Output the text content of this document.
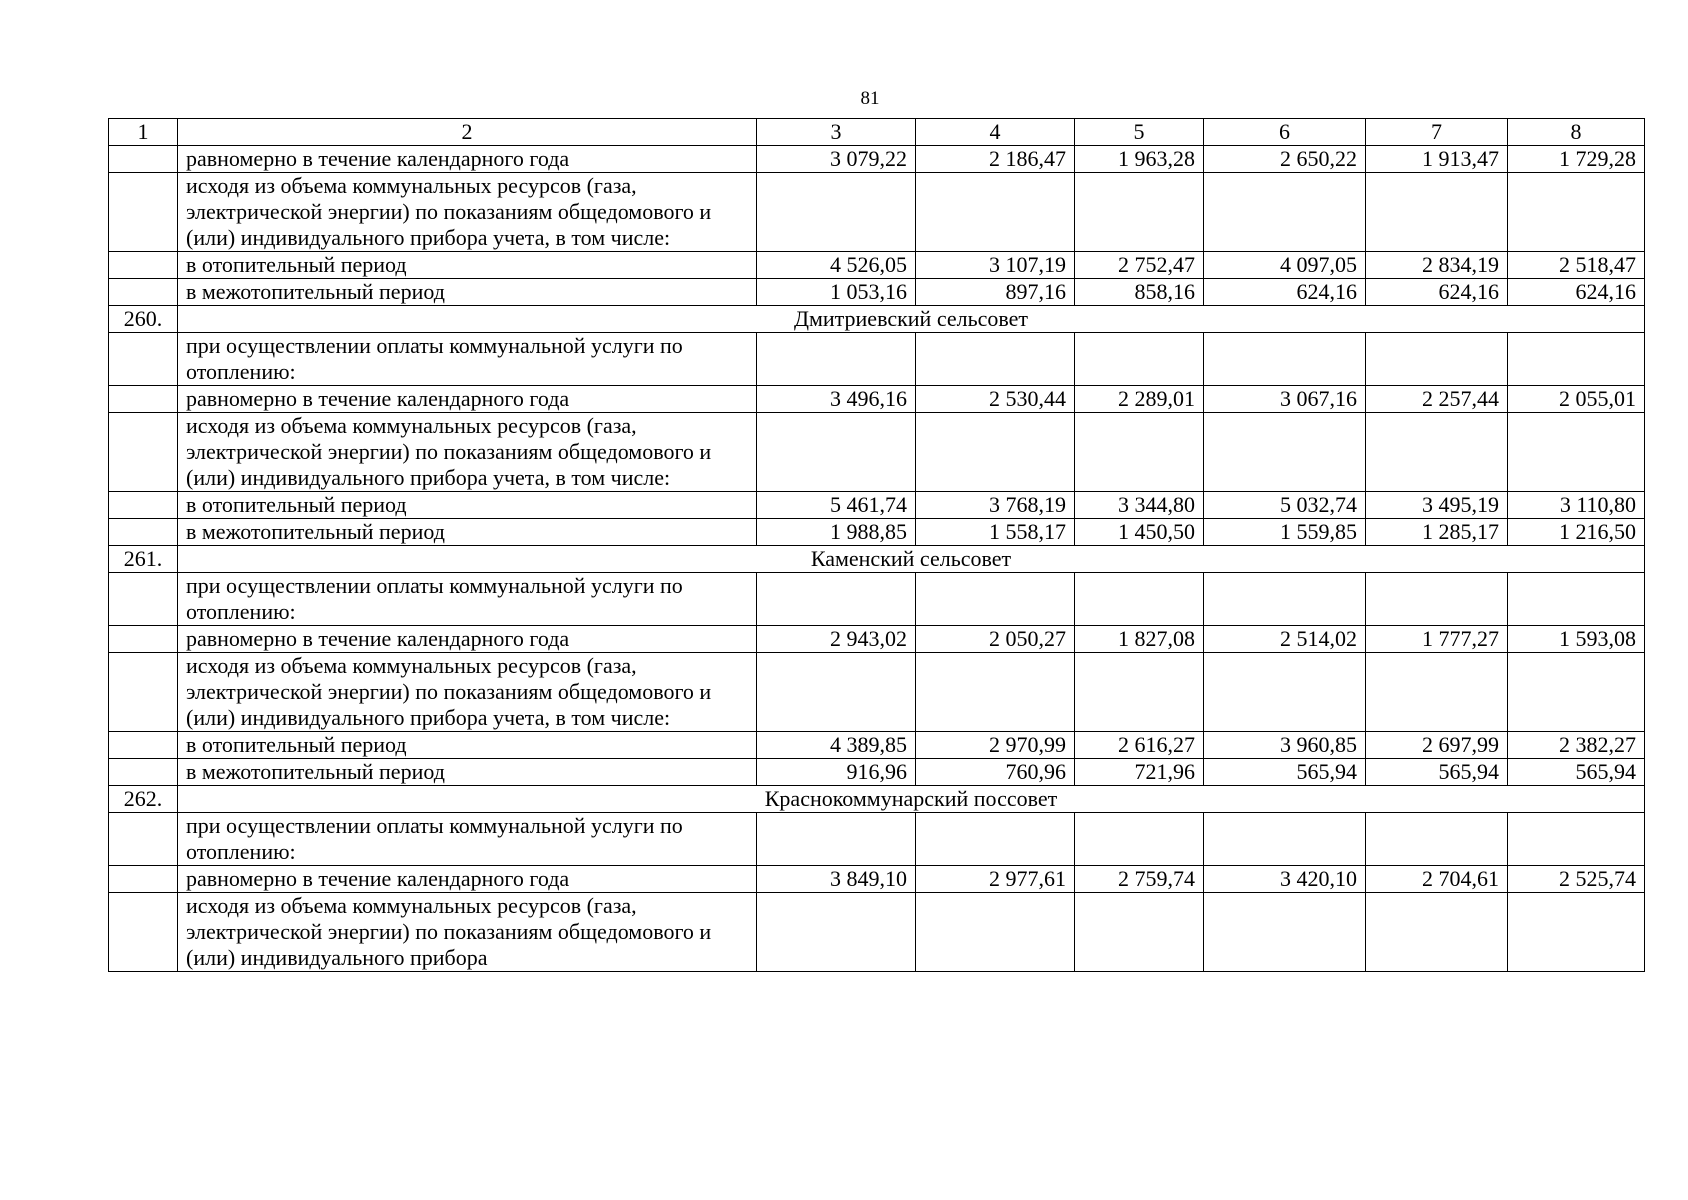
81
1	2	3	4	5	6	7	8
	равномерно в течение календарного года	3 079,22	2 186,47	1 963,28	2 650,22	1 913,47	1 729,28
	исходя из объема коммунальных ресурсов (газа, электрической энергии) по показаниям общедомового и (или) индивидуального прибора учета, в том числе:						
	в отопительный период	4 526,05	3 107,19	2 752,47	4 097,05	2 834,19	2 518,47
	в межотопительный период	1 053,16	897,16	858,16	624,16	624,16	624,16
260.	Дмитриевский сельсовет						
	при осуществлении оплаты коммунальной услуги по отоплению:						
	равномерно в течение календарного года	3 496,16	2 530,44	2 289,01	3 067,16	2 257,44	2 055,01
	исходя из объема коммунальных ресурсов (газа, электрической энергии) по показаниям общедомового и (или) индивидуального прибора учета, в том числе:						
	в отопительный период	5 461,74	3 768,19	3 344,80	5 032,74	3 495,19	3 110,80
	в межотопительный период	1 988,85	1 558,17	1 450,50	1 559,85	1 285,17	1 216,50
261.	Каменский сельсовет						
	при осуществлении оплаты коммунальной услуги по отоплению:						
	равномерно в течение календарного года	2 943,02	2 050,27	1 827,08	2 514,02	1 777,27	1 593,08
	исходя из объема коммунальных ресурсов (газа, электрической энергии) по показаниям общедомового и (или) индивидуального прибора учета, в том числе:						
	в отопительный период	4 389,85	2 970,99	2 616,27	3 960,85	2 697,99	2 382,27
	в межотопительный период	916,96	760,96	721,96	565,94	565,94	565,94
262.	Краснокоммунарский поссовет						
	при осуществлении оплаты коммунальной услуги по отоплению:						
	равномерно в течение календарного года	3 849,10	2 977,61	2 759,74	3 420,10	2 704,61	2 525,74
	исходя из объема коммунальных ресурсов (газа, электрической энергии) по показаниям общедомового и (или) индивидуального прибора						
